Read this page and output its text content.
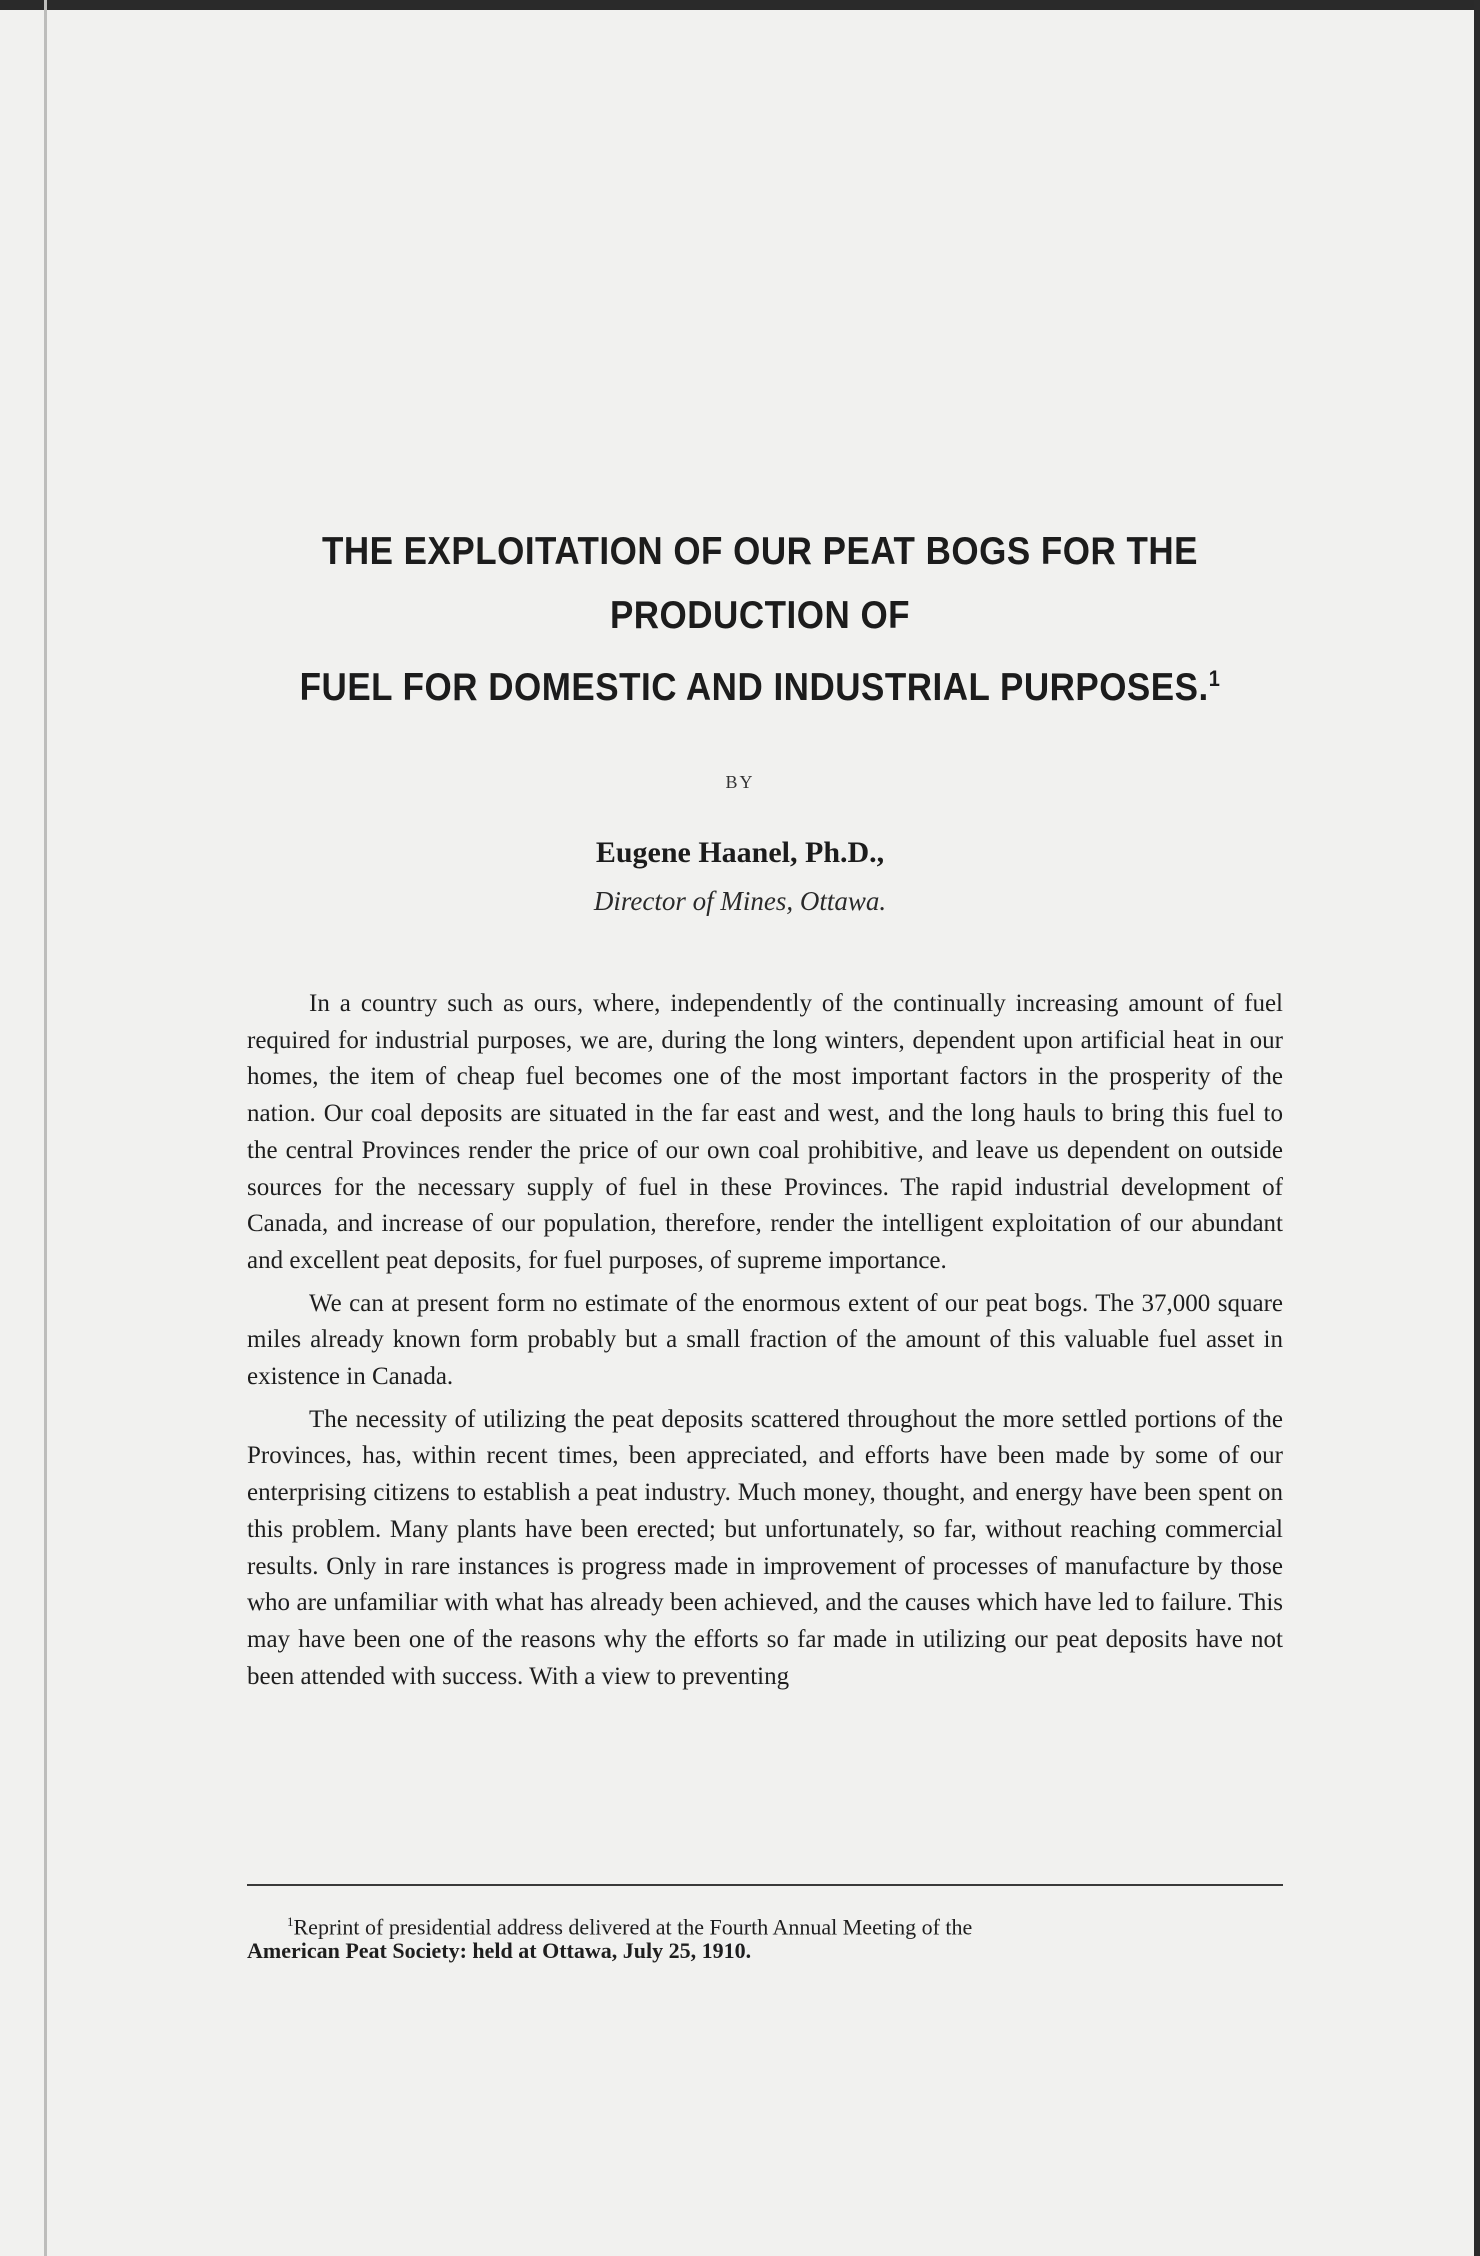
THE EXPLOITATION OF OUR PEAT BOGS FOR THE PRODUCTION OF
FUEL FOR DOMESTIC AND INDUSTRIAL PURPOSES.$^1$
BY
Eugene Haanel, Ph.D.,
Director of Mines, Ottawa.

In a country such as ours, where, independently of the continually increasing amount of fuel required for industrial purposes, we are, during the long winters, dependent upon artificial heat in our homes, the item of cheap fuel becomes one of the most important factors in the prosperity of the nation. Our coal deposits are situated in the far east and west, and the long hauls to bring this fuel to the central Provinces render the price of our own coal prohibitive, and leave us dependent on outside sources for the necessary supply of fuel in these Provinces. The rapid industrial development of Canada, and increase of our population, therefore, render the intelligent exploitation of our abundant and excellent peat deposits, for fuel purposes, of supreme importance.

We can at present form no estimate of the enormous extent of our peat bogs. The 37,000 square miles already known form probably but a small fraction of the amount of this valuable fuel asset in existence in Canada.

The necessity of utilizing the peat deposits scattered throughout the more settled portions of the Provinces, has, within recent times, been appreciated, and efforts have been made by some of our enterprising citizens to establish a peat industry. Much money, thought, and energy have been spent on this problem. Many plants have been erected; but unfortunately, so far, without reaching commercial results. Only in rare instances is progress made in improvement of processes of manufacture by those who are unfamiliar with what has already been achieved, and the causes which have led to failure. This may have been one of the reasons why the efforts so far made in utilizing our peat deposits have not been attended with success. With a view to preventing

$^1$Reprint of presidential address delivered at the Fourth Annual Meeting of the
American Peat Society: held at Ottawa, July 25, 1910.
